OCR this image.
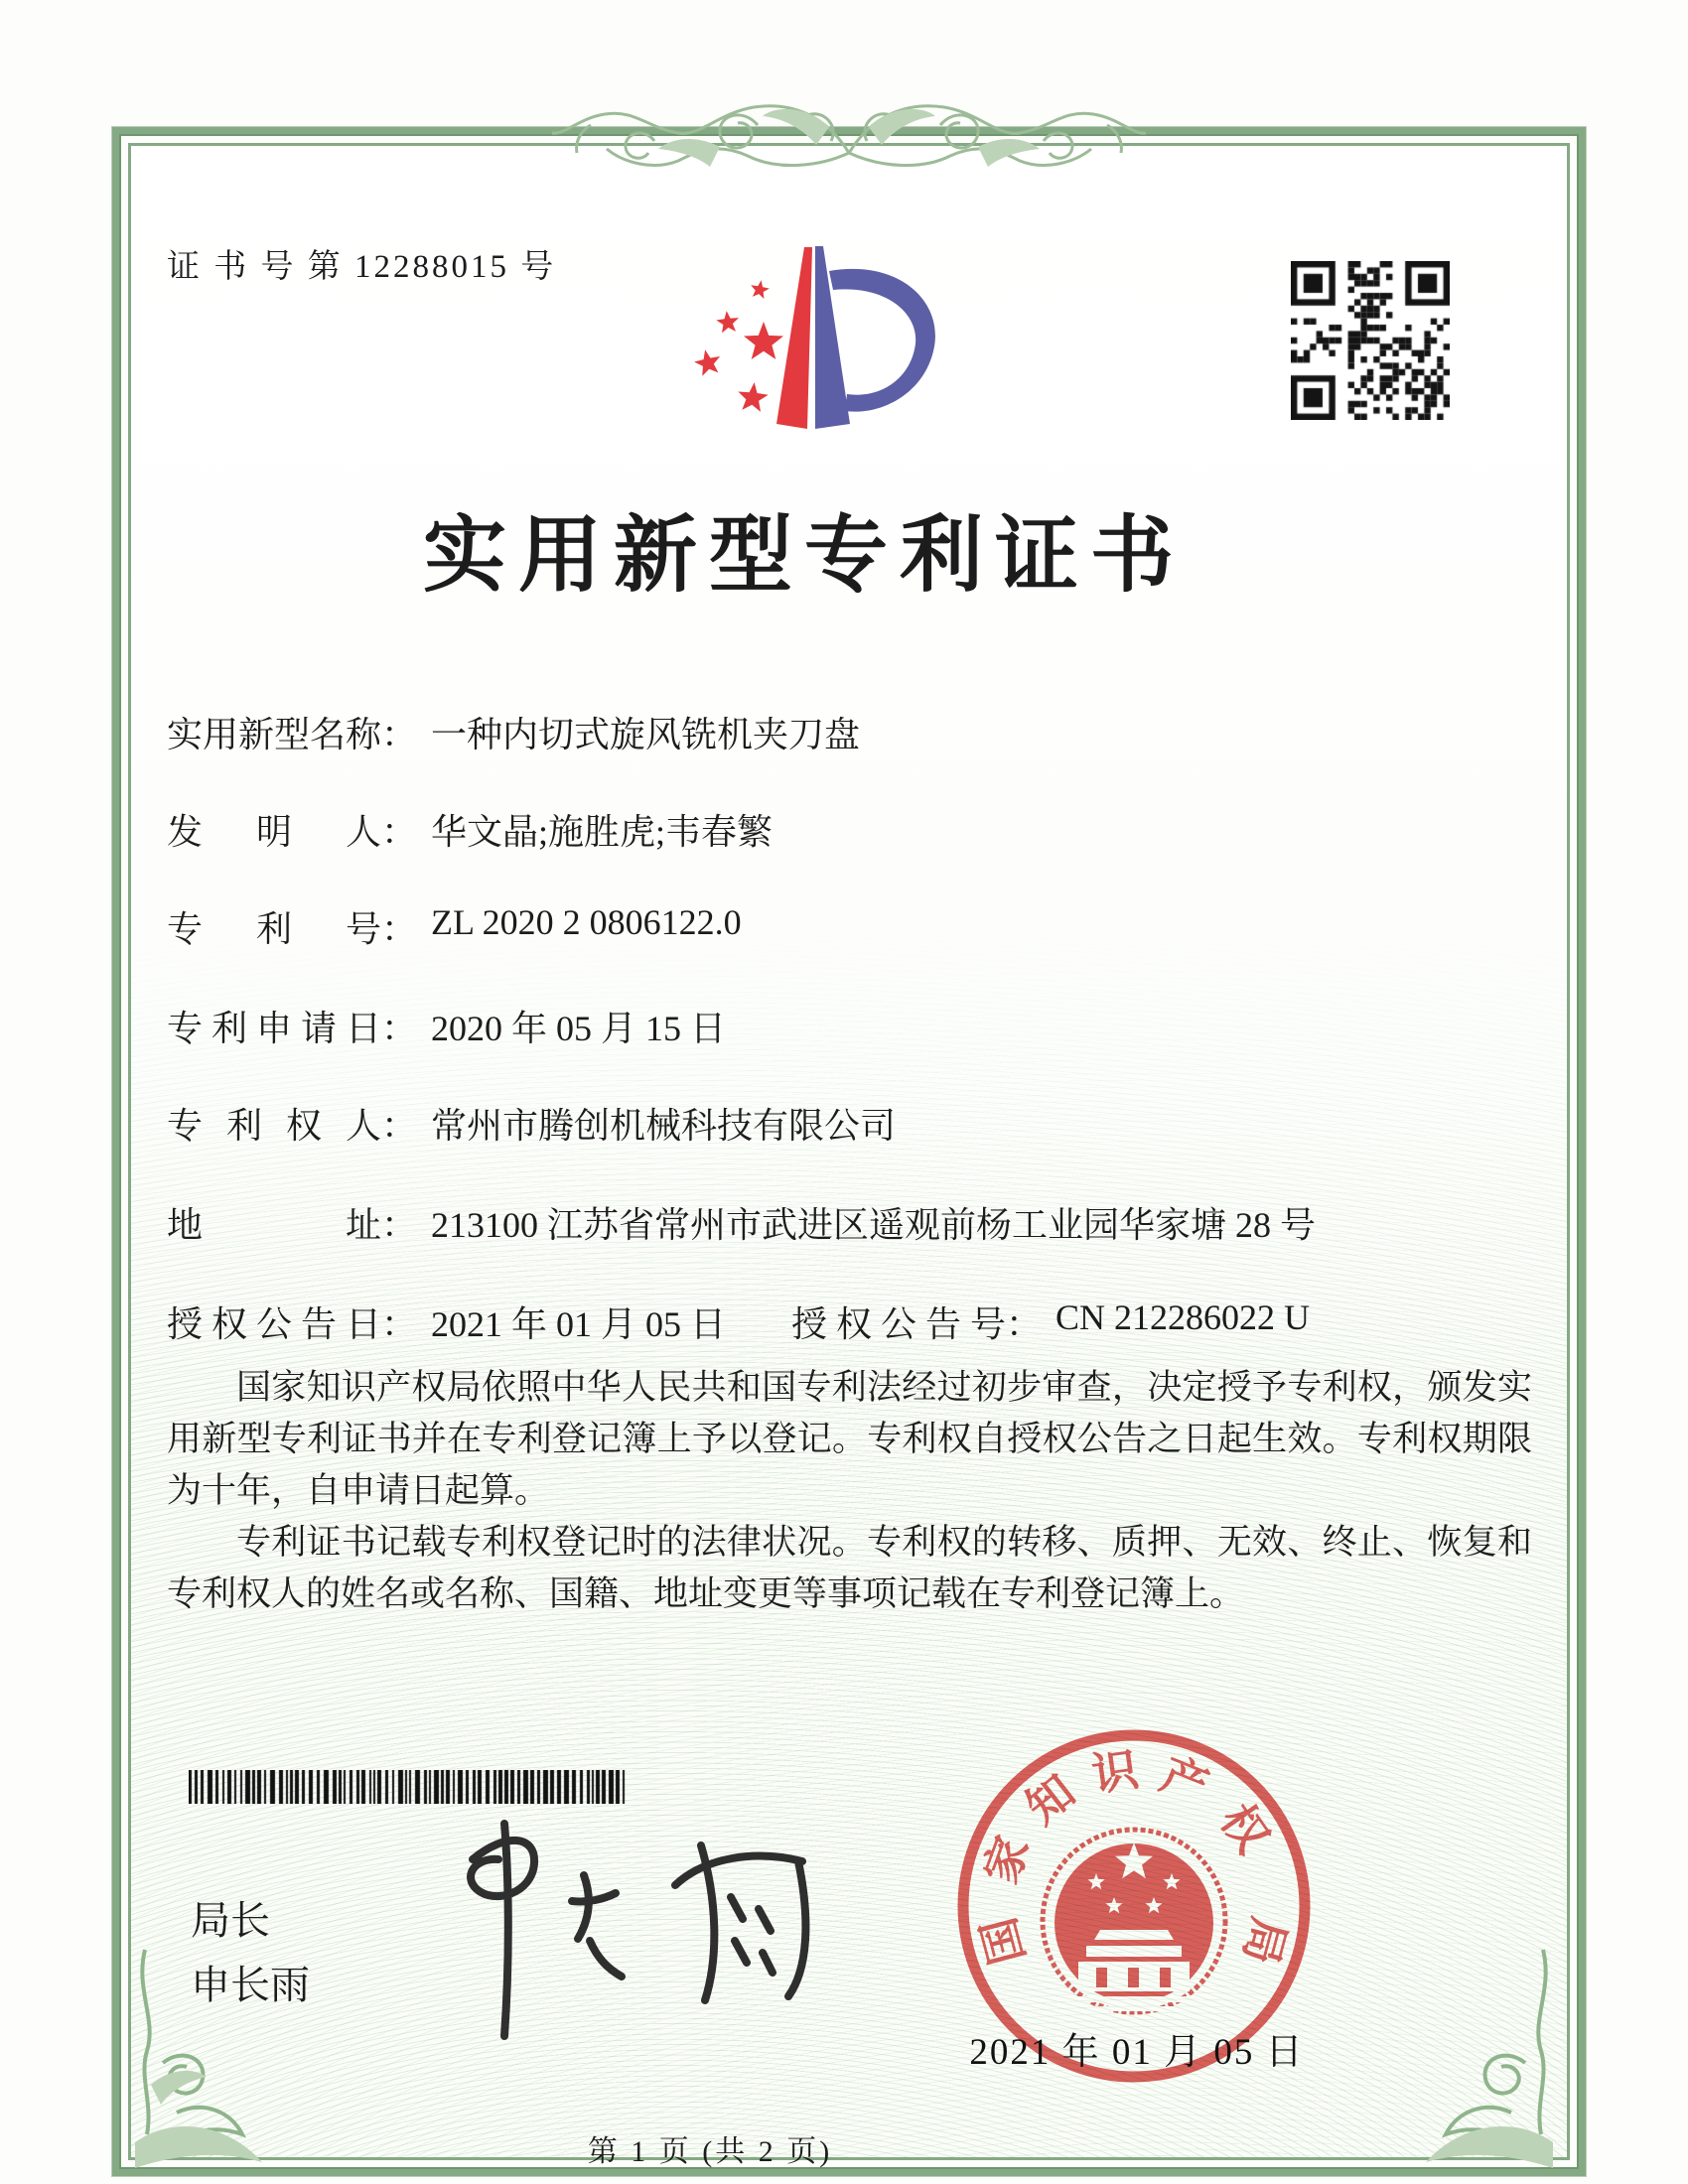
证 书 号 第 12288015 号
实用新型专利证书
实用新型名称 ： 一种内切式旋风铣机夹刀盘
发明人 ： 华文晶;施胜虎;韦春繁
专利号 ： ZL 2020 2 0806122.0
专利申请日 ： 2020 年 05 月 15 日
专利权人 ： 常州市腾创机械科技有限公司
地址 ： 213100 江苏省常州市武进区遥观前杨工业园华家塘 28 号
授权公告日 ： 2021 年 01 月 05 日 授权公告号 ： CN 212286022 U

国家知识产权局依照中华人民共和国专利法经过初步审查，决定授予专利权，颁发实用新型专利证书并在专利登记簿上予以登记。专利权自授权公告之日起生效。专利权期限为十年，自申请日起算。

专利证书记载专利权登记时的法律状况。专利权的转移、质押、无效、终止、恢复和专利权人的姓名或名称、国籍、地址变更等事项记载在专利登记簿上。

局长
申长雨
国
家
知 识 产
权
局
2021 年 01 月 05 日
第 1 页 (共 2 页)
